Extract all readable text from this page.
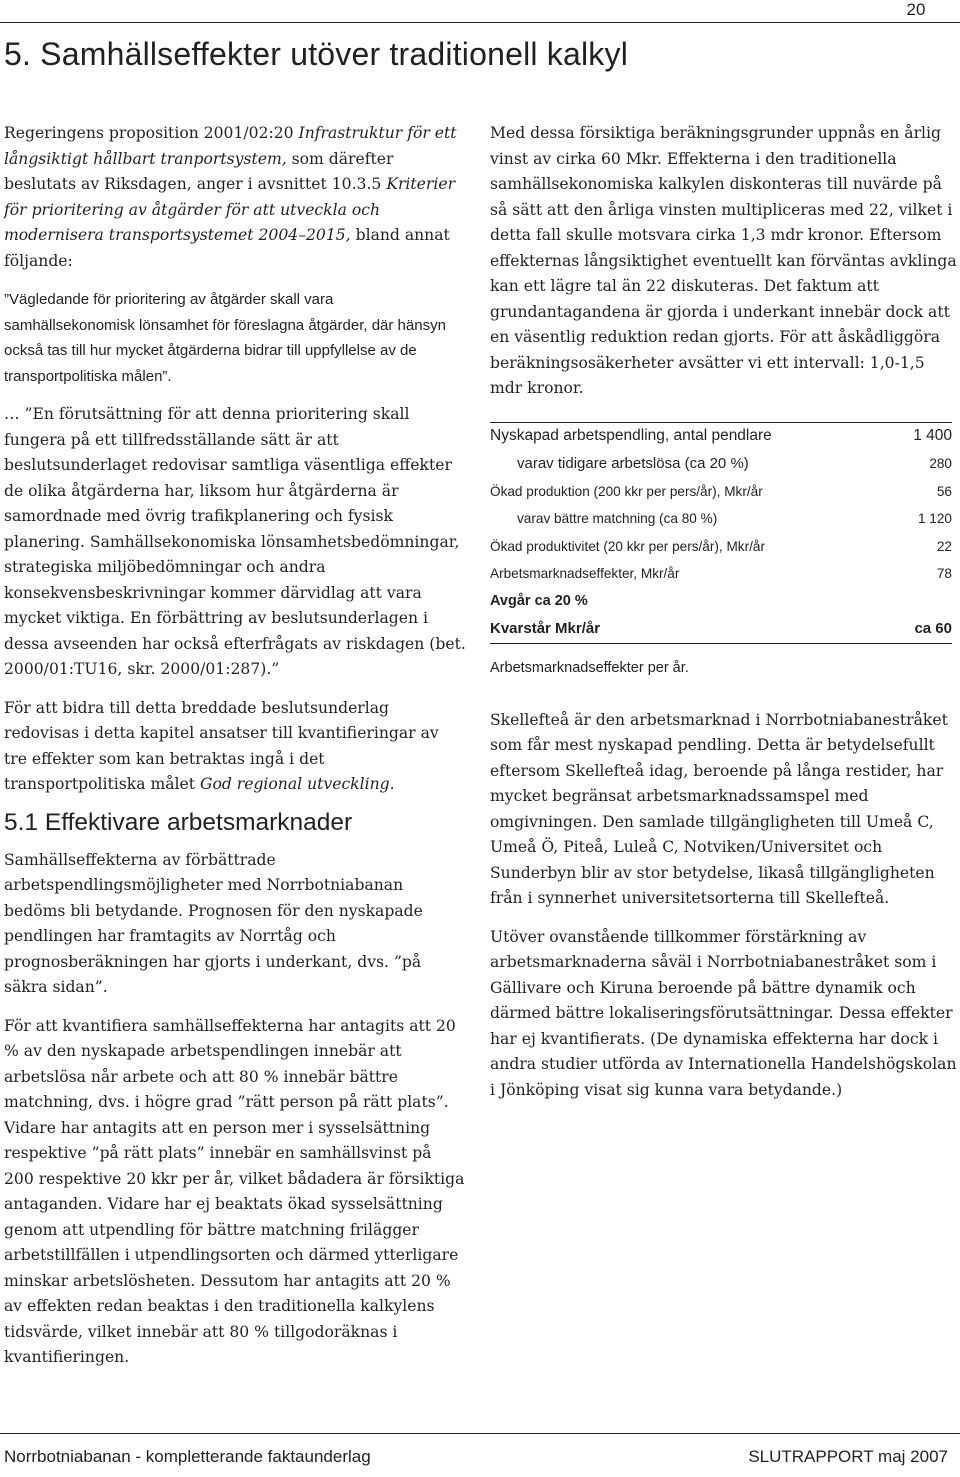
20
5. Samhällseffekter utöver traditionell kalkyl

Regeringens proposition 2001/02:20 Infrastruktur för ett långsiktigt hållbart tranportsystem, som därefter beslutats av Riksdagen, anger i avsnittet 10.3.5 Kriterier för prioritering av åtgärder för att utveckla och modernisera transportsystemet 2004–2015, bland annat följande:

”Vägledande för prioritering av åtgärder skall vara samhällsekonomisk lönsamhet för föreslagna åtgärder, där hänsyn också tas till hur mycket åtgärderna bidrar till uppfyllelse av de transportpolitiska målen”.

… ”En förutsättning för att denna prioritering skall fungera på ett tillfredsställande sätt är att beslutsunderlaget redovisar samtliga väsentliga effekter de olika åtgärderna har, liksom hur åtgärderna är samordnade med övrig trafikplanering och fysisk planering. Samhällsekonomiska lönsamhetsbedömningar, strategiska miljöbedömningar och andra konsekvensbeskrivningar kommer därvidlag att vara mycket viktiga. En förbättring av beslutsunderlagen i dessa avseenden har också efterfrågats av riskdagen (bet. 2000/01:TU16, skr. 2000/01:287).”

För att bidra till detta breddade beslutsunderlag redovisas i detta kapitel ansatser till kvantifieringar av tre effekter som kan betraktas ingå i det transportpolitiska målet God regional utveckling.

5.1 Effektivare arbetsmarknader

Samhällseffekterna av förbättrade arbetspendlingsmöjligheter med Norrbotniabanan bedöms bli betydande. Prognosen för den nyskapade pendlingen har framtagits av Norrtåg och prognosberäkningen har gjorts i underkant, dvs. ”på säkra sidan”.

För att kvantifiera samhällseffekterna har antagits att 20 % av den nyskapade arbetspendlingen innebär att arbetslösa når arbete och att 80 % innebär bättre matchning, dvs. i högre grad ”rätt person på rätt plats”. Vidare har antagits att en person mer i sysselsättning respektive ”på rätt plats” innebär en samhällsvinst på 200 respektive 20 kkr per år, vilket bådadera är försiktiga antaganden. Vidare har ej beaktats ökad sysselsättning genom att utpendling för bättre matchning frilägger arbetstillfällen i utpendlingsorten och därmed ytterligare minskar arbetslösheten. Dessutom har antagits att 20 % av effekten redan beaktas i den traditionella kalkylens tidsvärde, vilket innebär att 80 % tillgodoräknas i kvantifieringen.

Med dessa försiktiga beräkningsgrunder uppnås en årlig vinst av cirka 60 Mkr. Effekterna i den traditionella samhällsekonomiska kalkylen diskonteras till nuvärde på så sätt att den årliga vinsten multipliceras med 22, vilket i detta fall skulle motsvara cirka 1,3 mdr kronor. Eftersom effekternas långsiktighet eventuellt kan förväntas avklinga kan ett lägre tal än 22 diskuteras. Det faktum att grundantagandena är gjorda i underkant innebär dock att en väsentlig reduktion redan gjorts. För att åskådliggöra beräkningsosäkerheter avsätter vi ett intervall: 1,0-1,5 mdr kronor.

Nyskapad arbetspendling, antal pendlare	1 400
varav tidigare arbetslösa (ca 20 %)	280
Ökad produktion (200 kkr per pers/år), Mkr/år	56
varav bättre matchning (ca 80 %)	1 120
Ökad produktivitet (20 kkr per pers/år), Mkr/år	22
Arbetsmarknadseffekter, Mkr/år	78
Avgår ca 20 %	
Kvarstår Mkr/år	ca 60
Arbetsmarknadseffekter per år.

Skellefteå är den arbetsmarknad i Norrbotniabanestråket som får mest nyskapad pendling. Detta är betydelsefullt eftersom Skellefteå idag, beroende på långa restider, har mycket begränsat arbetsmarknadssamspel med omgivningen. Den samlade tillgängligheten till Umeå C, Umeå Ö, Piteå, Luleå C, Notviken/Universitet och Sunderbyn blir av stor betydelse, likaså tillgängligheten från i synnerhet universitetsorterna till Skellefteå.

Utöver ovanstående tillkommer förstärkning av arbetsmarknaderna såväl i Norrbotniabanestråket som i Gällivare och Kiruna beroende på bättre dynamik och därmed bättre lokaliseringsförutsättningar. Dessa effekter har ej kvantifierats. (De dynamiska effekterna har dock i andra studier utförda av Internationella Handelshögskolan i Jönköping visat sig kunna vara betydande.)

Norrbotniabanan - kompletterande faktaunderlag	SLUTRAPPORT maj 2007
